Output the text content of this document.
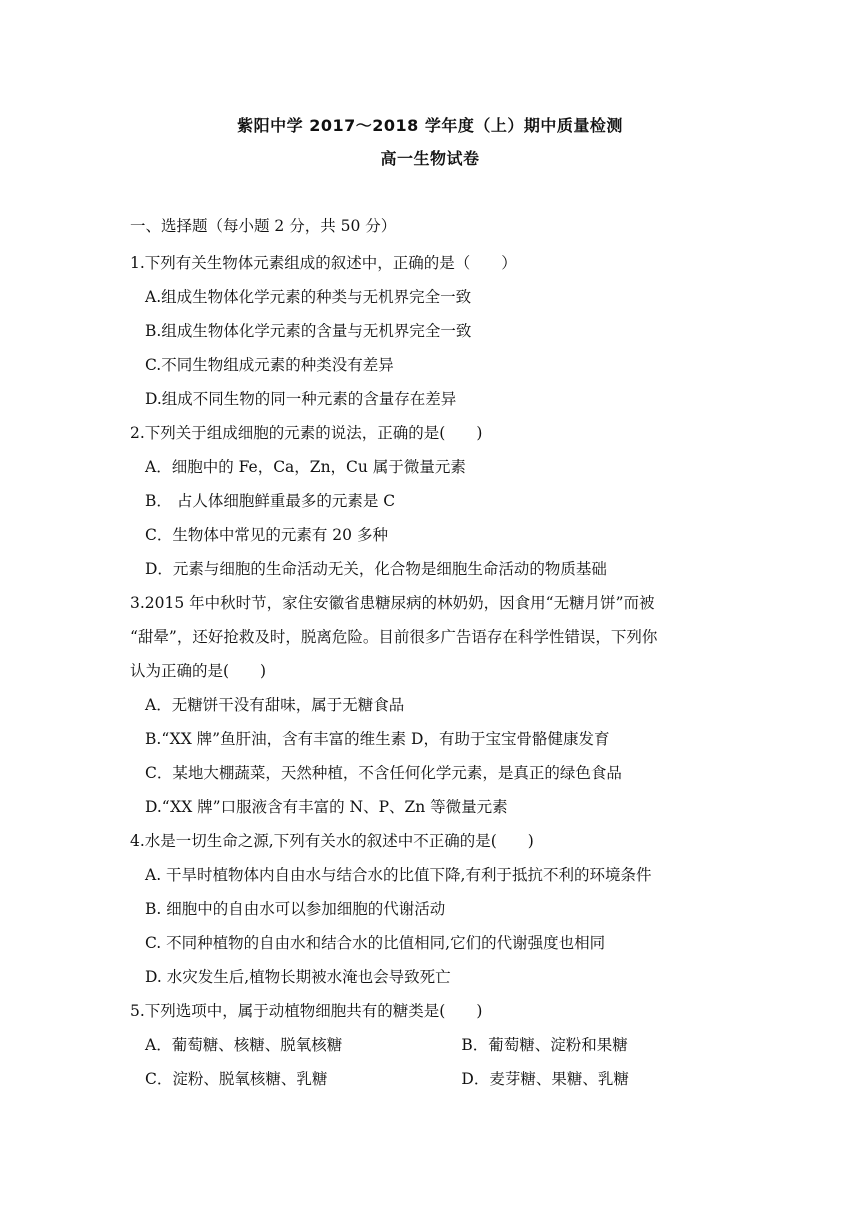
紫阳中学 2017～2018 学年度（上）期中质量检测
高一生物试卷
一、选择题（每小题 2 分，共 50 分）
1.下列有关生物体元素组成的叙述中，正确的是（　　）
A.组成生物体化学元素的种类与无机界完全一致
B.组成生物体化学元素的含量与无机界完全一致
C.不同生物组成元素的种类没有差异
D.组成不同生物的同一种元素的含量存在差异
2.下列关于组成细胞的元素的说法，正确的是(　　)
A．细胞中的 Fe，Ca，Zn，Cu 属于微量元素
B． 占人体细胞鲜重最多的元素是 C
C．生物体中常见的元素有 20 多种
D．元素与细胞的生命活动无关，化合物是细胞生命活动的物质基础
3.2015 年中秋时节，家住安徽省患糖尿病的林奶奶，因食用“无糖月饼”而被
“甜晕”，还好抢救及时，脱离危险。目前很多广告语存在科学性错误，下列你
认为正确的是(　　)
A．无糖饼干没有甜味，属于无糖食品
B.“XX 牌”鱼肝油，含有丰富的维生素 D，有助于宝宝骨骼健康发育
C．某地大棚蔬菜，天然种植，不含任何化学元素，是真正的绿色食品
D.“XX 牌”口服液含有丰富的 N、P、Zn 等微量元素
4.水是一切生命之源,下列有关水的叙述中不正确的是(　　)
A. 干旱时植物体内自由水与结合水的比值下降,有利于抵抗不利的环境条件
B. 细胞中的自由水可以参加细胞的代谢活动
C. 不同种植物的自由水和结合水的比值相同,它们的代谢强度也相同
D. 水灾发生后,植物长期被水淹也会导致死亡
5.下列选项中，属于动植物细胞共有的糖类是(　　)
A．葡萄糖、核糖、脱氧核糖	B．葡萄糖、淀粉和果糖
C．淀粉、脱氧核糖、乳糖	D．麦芽糖、果糖、乳糖
